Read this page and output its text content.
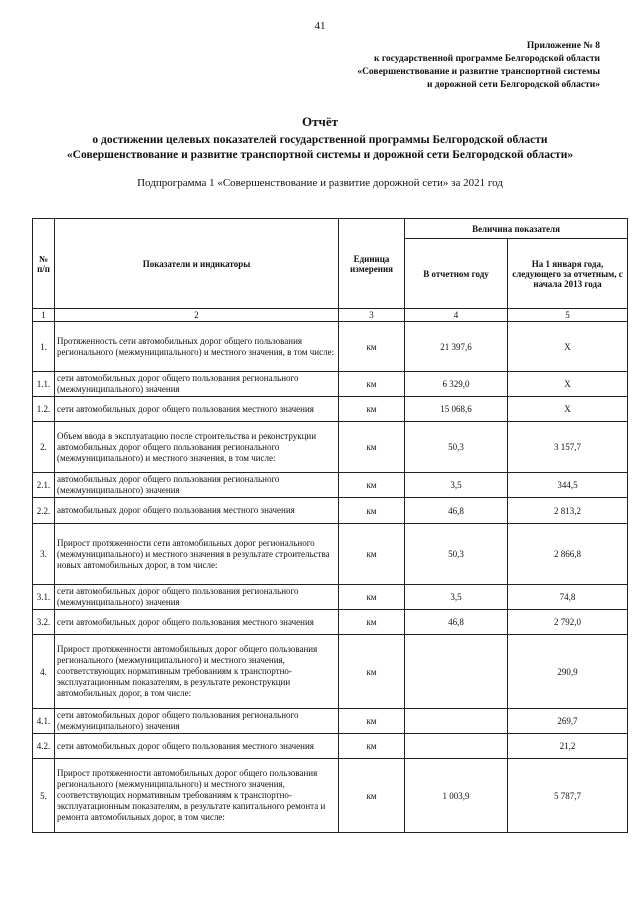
41
Приложение № 8
к государственной программе Белгородской области
«Совершенствование и развитие транспортной системы
и дорожной сети Белгородской области»
Отчёт
о достижении целевых показателей государственной программы Белгородской области
«Совершенствование и развитие транспортной системы и дорожной сети Белгородской области»
Подпрограмма 1 «Совершенствование и развитие дорожной сети» за 2021 год
№ п/п	Показатели и индикаторы	Единица измерения	Величина показателя	
			В отчетном году	На 1 января года, следующего за отчетным, с начала 2013 года
1	2	3	4	5
1.	Протяженность сети автомобильных дорог общего пользования регионального (межмуниципального) и местного значения, в том числе:	км	21 397,6	Х
1.1.	сети автомобильных дорог общего пользования регионального (межмуниципального) значения	км	6 329,0	Х
1.2.	сети автомобильных дорог общего пользования местного значения	км	15 068,6	Х
2.	Объем ввода в эксплуатацию после строительства и реконструкции автомобильных дорог общего пользования регионального (межмуниципального) и местного значения, в том числе:	км	50,3	3 157,7
2.1.	автомобильных дорог общего пользования регионального (межмуниципального) значения	км	3,5	344,5
2.2.	автомобильных дорог общего пользования местного значения	км	46,8	2 813,2
3.	Прирост протяженности сети автомобильных дорог регионального (межмуниципального) и местного значения в результате строительства новых автомобильных дорог, в том числе:	км	50,3	2 866,8
3.1.	сети автомобильных дорог общего пользования регионального (межмуниципального) значения	км	3,5	74,8
3.2.	сети автомобильных дорог общего пользования местного значения	км	46,8	2 792,0
4.	Прирост протяженности автомобильных дорог общего пользования регионального (межмуниципального) и местного значения, соответствующих нормативным требованиям к транспортно-эксплуатационным показателям, в результате реконструкции автомобильных дорог, в том числе:	км		290,9
4.1.	сети автомобильных дорог общего пользования регионального (межмуниципального) значения	км		269,7
4.2.	сети автомобильных дорог общего пользования местного значения	км		21,2
5.	Прирост протяженности автомобильных дорог общего пользования регионального (межмуниципального) и местного значения, соответствующих нормативным требованиям к транспортно-эксплуатационным показателям, в результате капитального ремонта и ремонта автомобильных дорог, в том числе:	км	1 003,9	5 787,7
